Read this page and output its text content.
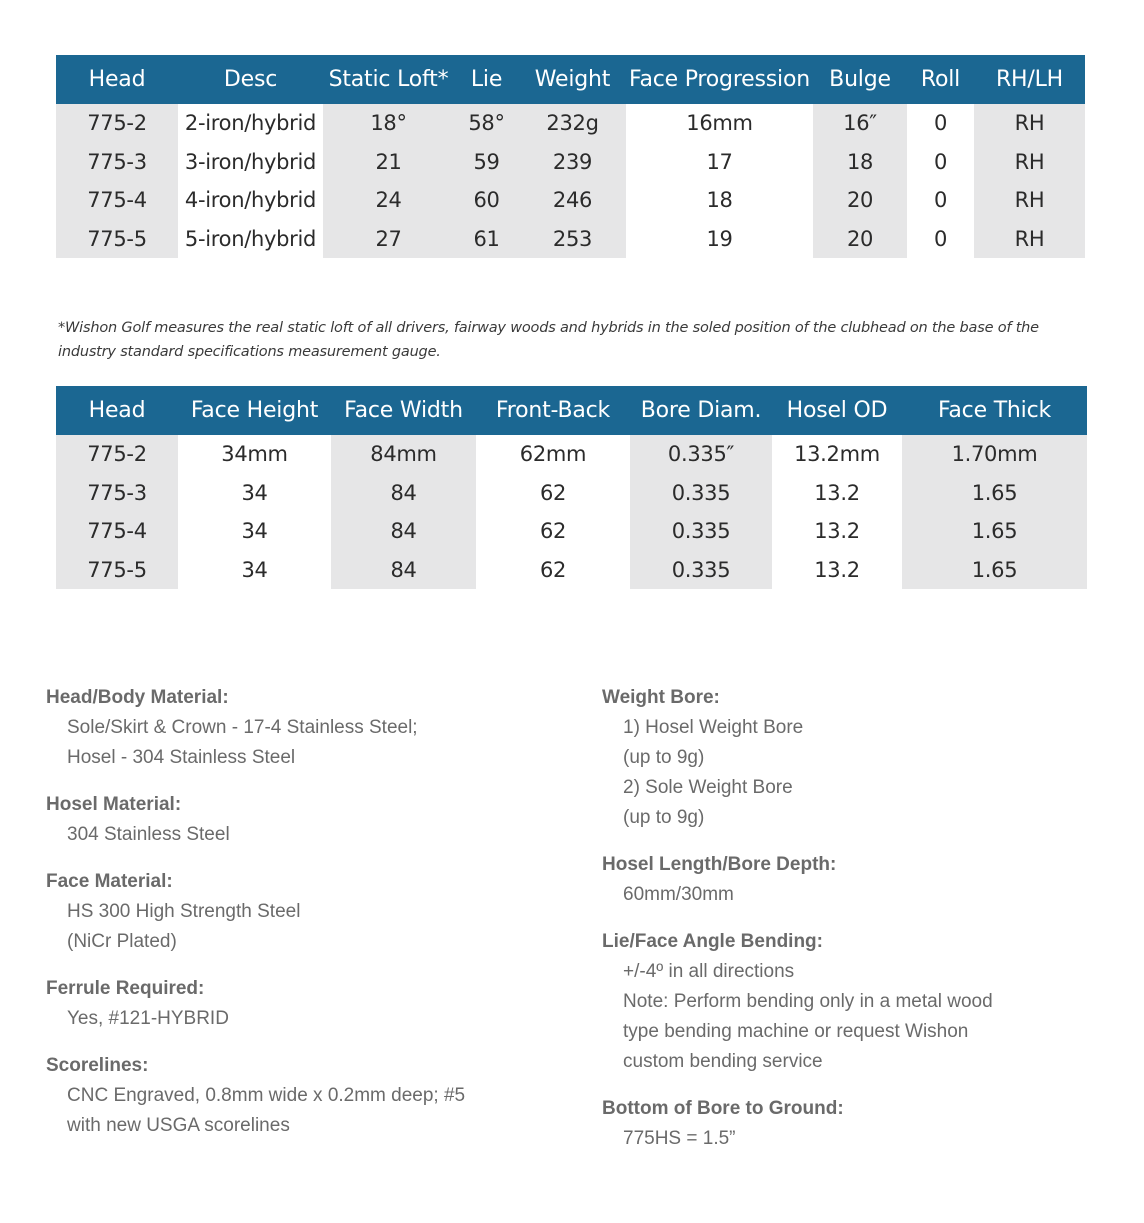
Head	Desc	Static Loft*	Lie	Weight	Face Progression	Bulge	Roll	RH/LH
775-2	2-iron/hybrid	18°	58°	232g	16mm	16″	0	RH
775-3	3-iron/hybrid	21	59	239	17	18	0	RH
775-4	4-iron/hybrid	24	60	246	18	20	0	RH
775-5	5-iron/hybrid	27	61	253	19	20	0	RH
*Wishon Golf measures the real static loft of all drivers, fairway woods and hybrids in the soled position of the clubhead on the base of the industry standard specifications measurement gauge.
Head	Face Height	Face Width	Front-Back	Bore Diam.	Hosel OD	Face Thick
775-2	34mm	84mm	62mm	0.335″	13.2mm	1.70mm
775-3	34	84	62	0.335	13.2	1.65
775-4	34	84	62	0.335	13.2	1.65
775-5	34	84	62	0.335	13.2	1.65
Head/Body Material:
Sole/Skirt & Crown - 17-4 Stainless Steel;
Hosel - 304 Stainless Steel
Hosel Material:
304 Stainless Steel
Face Material:
HS 300 High Strength Steel
(NiCr Plated)
Ferrule Required:
Yes, #121-HYBRID
Scorelines:
CNC Engraved, 0.8mm wide x 0.2mm deep; #5
with new USGA scorelines
Weight Bore:
1) Hosel Weight Bore
(up to 9g)
2) Sole Weight Bore
(up to 9g)
Hosel Length/Bore Depth:
60mm/30mm
Lie/Face Angle Bending:
+/-4º in all directions
Note: Perform bending only in a metal wood
type bending machine or request Wishon
custom bending service
Bottom of Bore to Ground:
775HS = 1.5”
